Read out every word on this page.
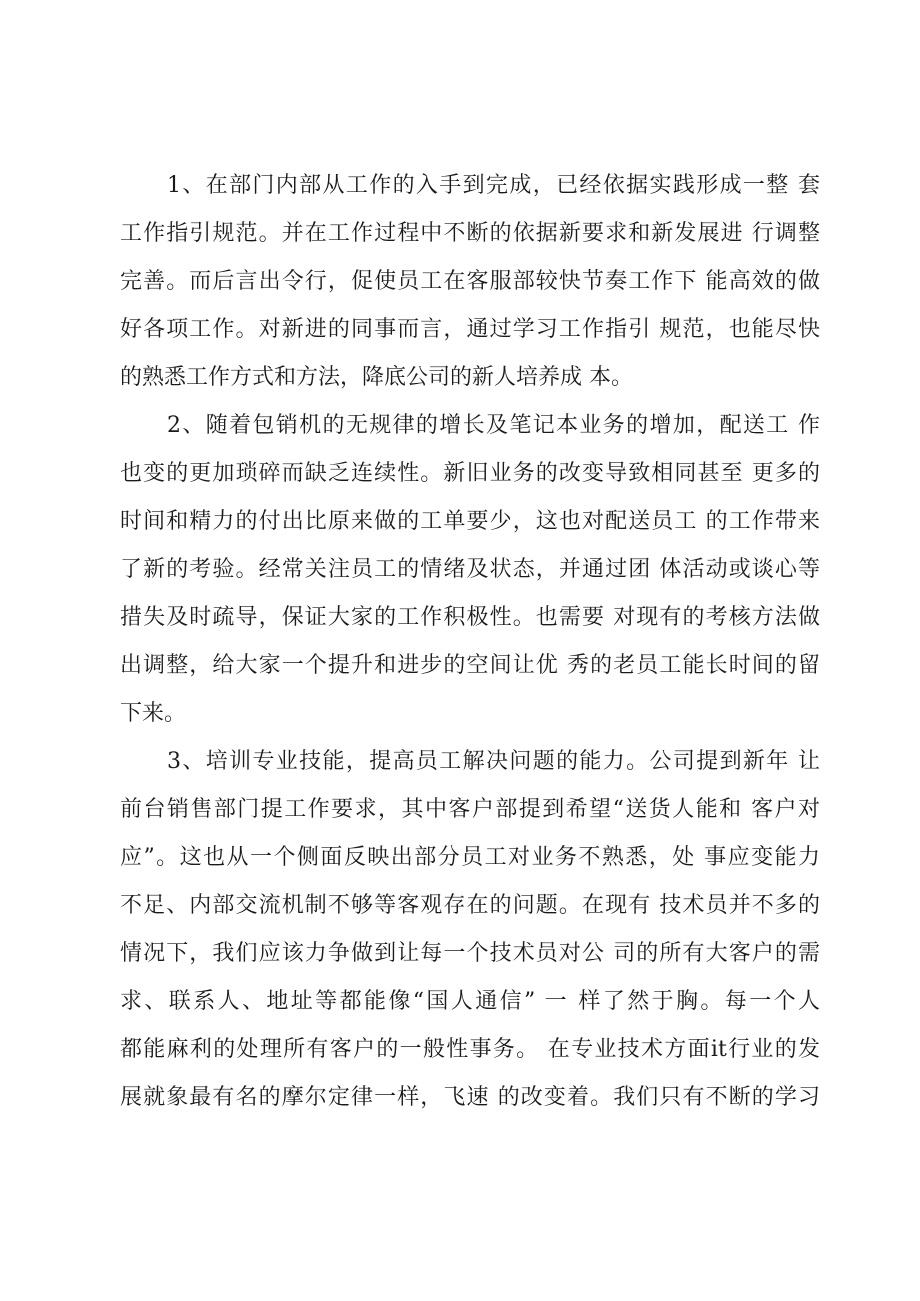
1、在部门内部从工作的入手到完成，已经依据实践形成一整 套
工作指引规范。并在工作过程中不断的依据新要求和新发展进 行调整
完善。而后言出令行，促使员工在客服部较快节奏工作下 能高效的做
好各项工作。对新进的同事而言，通过学习工作指引 规范，也能尽快
的熟悉工作方式和方法，降底公司的新人培养成 本。
2、随着包销机的无规律的增长及笔记本业务的增加，配送工 作
也变的更加琐碎而缺乏连续性。新旧业务的改变导致相同甚至 更多的
时间和精力的付出比原来做的工单要少，这也对配送员工 的工作带来
了新的考验。经常关注员工的情绪及状态，并通过团 体活动或谈心等
措失及时疏导，保证大家的工作积极性。也需要 对现有的考核方法做
出调整，给大家一个提升和进步的空间让优 秀的老员工能长时间的留
下来。
3、培训专业技能，提高员工解决问题的能力。公司提到新年 让
前台销售部门提工作要求，其中客户部提到希望“送货人能和 客户对
应”。这也从一个侧面反映出部分员工对业务不熟悉，处 事应变能力
不足、内部交流机制不够等客观存在的问题。在现有 技术员并不多的
情况下，我们应该力争做到让每一个技术员对公 司的所有大客户的需
求、联系人、地址等都能像“国人通信” 一 样了然于胸。每一个人
都能麻利的处理所有客户的一般性事务。 在专业技术方面it行业的发
展就象最有名的摩尔定律一样，飞速 的改变着。我们只有不断的学习
